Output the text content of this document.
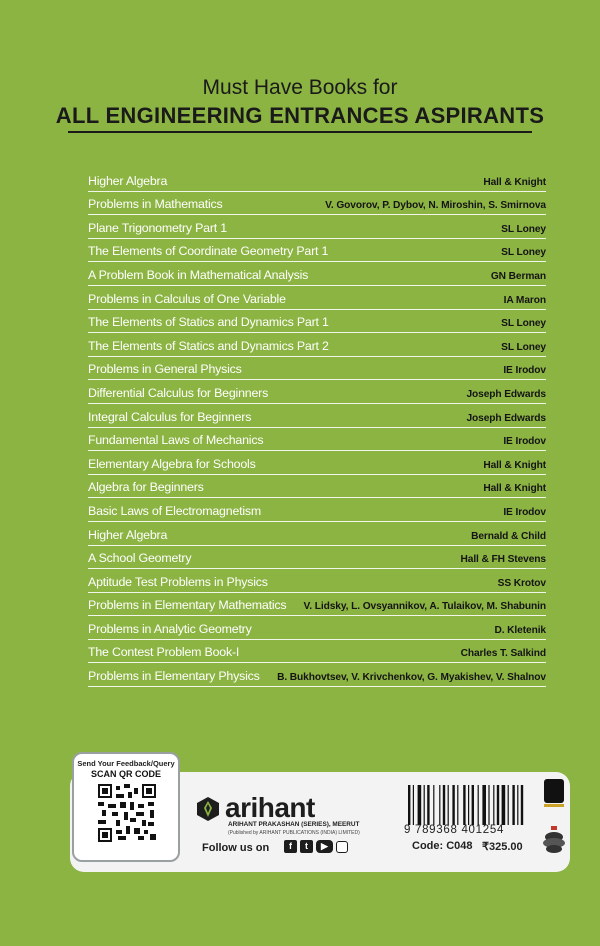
Must Have Books for
ALL ENGINEERING ENTRANCES ASPIRANTS
Higher Algebra	Hall & Knight
Problems in Mathematics	V. Govorov, P. Dybov, N. Miroshin, S. Smirnova
Plane Trigonometry Part 1	SL Loney
The Elements of Coordinate Geometry Part 1	SL Loney
A Problem Book in Mathematical Analysis	GN Berman
Problems in Calculus of One Variable	IA Maron
The Elements of Statics and Dynamics Part 1	SL Loney
The Elements of Statics and Dynamics Part 2	SL Loney
Problems in General Physics	IE Irodov
Differential Calculus for Beginners	Joseph Edwards
Integral Calculus for Beginners	Joseph Edwards
Fundamental Laws of Mechanics	IE Irodov
Elementary Algebra for Schools	Hall & Knight
Algebra for Beginners	Hall & Knight
Basic Laws of Electromagnetism	IE Irodov
Higher Algebra	Bernald & Child
A School Geometry	Hall & FH Stevens
Aptitude Test Problems in Physics	SS Krotov
Problems in Elementary Mathematics V. Lidsky, L. Ovsyannikov, A. Tulaikov, M. Shabunin
Problems in Analytic Geometry	D. Kletenik
The Contest Problem Book-I	Charles T. Salkind
Problems in Elementary Physics B. Bukhovtsev, V. Krivchenkov, G. Myakishev, V. Shalnov
Send Your Feedback/Query
SCAN QR CODE
arihant
ARIHANT PRAKASHAN (SERIES), MEERUT
(Published by ARIHANT PUBLICATIONS (INDIA) LIMITED)
Follow us on	f	t	▶
9 789368 401254
Code: C048 ₹325.00
